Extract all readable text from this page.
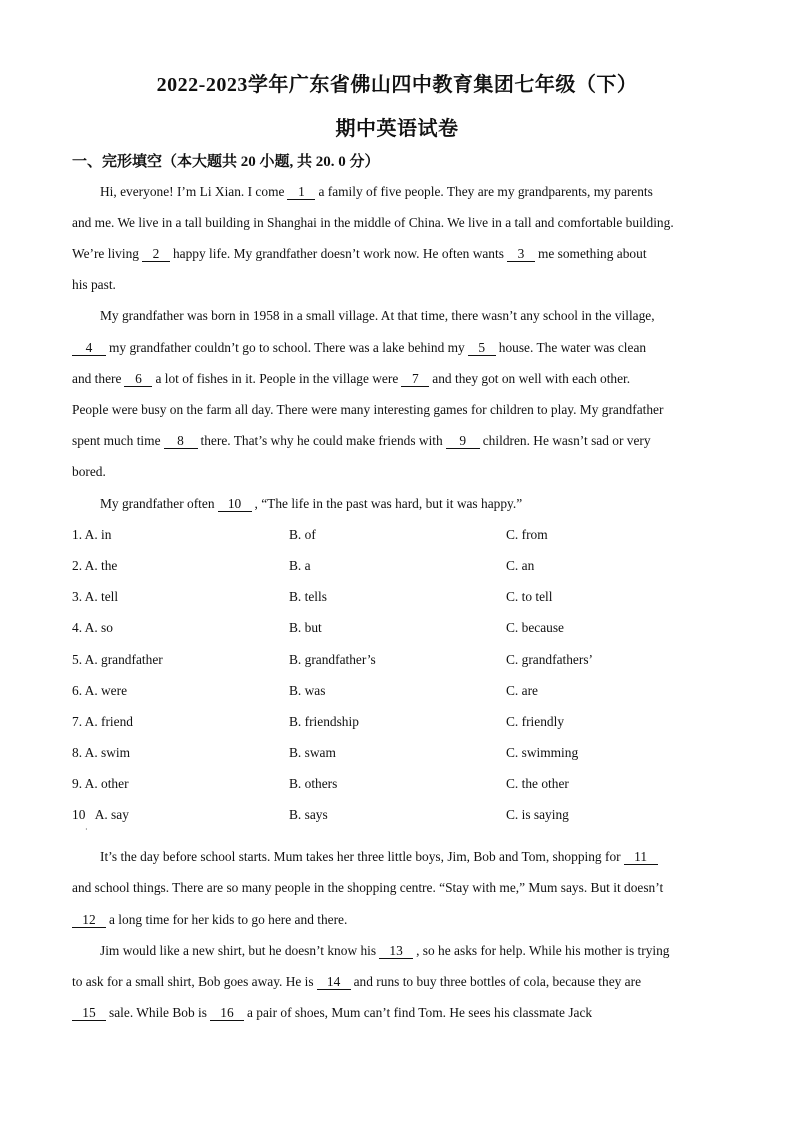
2022-2023学年广东省佛山四中教育集团七年级（下）
期中英语试卷
一、完形填空（本大题共 20 小题, 共 20. 0 分）
Hi, everyone! I’m Li Xian. I come 1 a family of five people. They are my grandparents, my parents
and me. We live in a tall building in Shanghai in the middle of China. We live in a tall and comfortable building.
We’re living 2 happy life. My grandfather doesn’t work now. He often wants 3 me something about
his past.
My grandfather was born in 1958 in a small village. At that time, there wasn’t any school in the village,
4 my grandfather couldn’t go to school. There was a lake behind my 5 house. The water was clean
and there 6 a lot of fishes in it. People in the village were 7 and they got on well with each other.
People were busy on the farm all day. There were many interesting games for children to play. My grandfather
spent much time 8 there. That’s why he could make friends with 9 children. He wasn’t sad or very
bored.
My grandfather often 10 , “The life in the past was hard, but it was happy.”
1. A. in	B. of	C. from
2. A. the	B. a	C. an
3. A. tell	B. tells	C. to tell
4. A. so	B. but	C. because
5. A. grandfather	B. grandfather’s	C. grandfathers’
6. A. were	B. was	C. are
7. A. friend	B. friendship	C. friendly
8. A. swim	B. swam	C. swimming
9. A. other	B. others	C. the other
10   A. say	B. says	C. is saying
·
It’s the day before school starts. Mum takes her three little boys, Jim, Bob and Tom, shopping for 11
and school things. There are so many people in the shopping centre. “Stay with me,” Mum says. But it doesn’t
12 a long time for her kids to go here and there.
Jim would like a new shirt, but he doesn’t know his 13 , so he asks for help. While his mother is trying
to ask for a small shirt, Bob goes away. He is 14 and runs to buy three bottles of cola, because they are
15 sale. While Bob is 16 a pair of shoes, Mum can’t find Tom. He sees his classmate Jack
